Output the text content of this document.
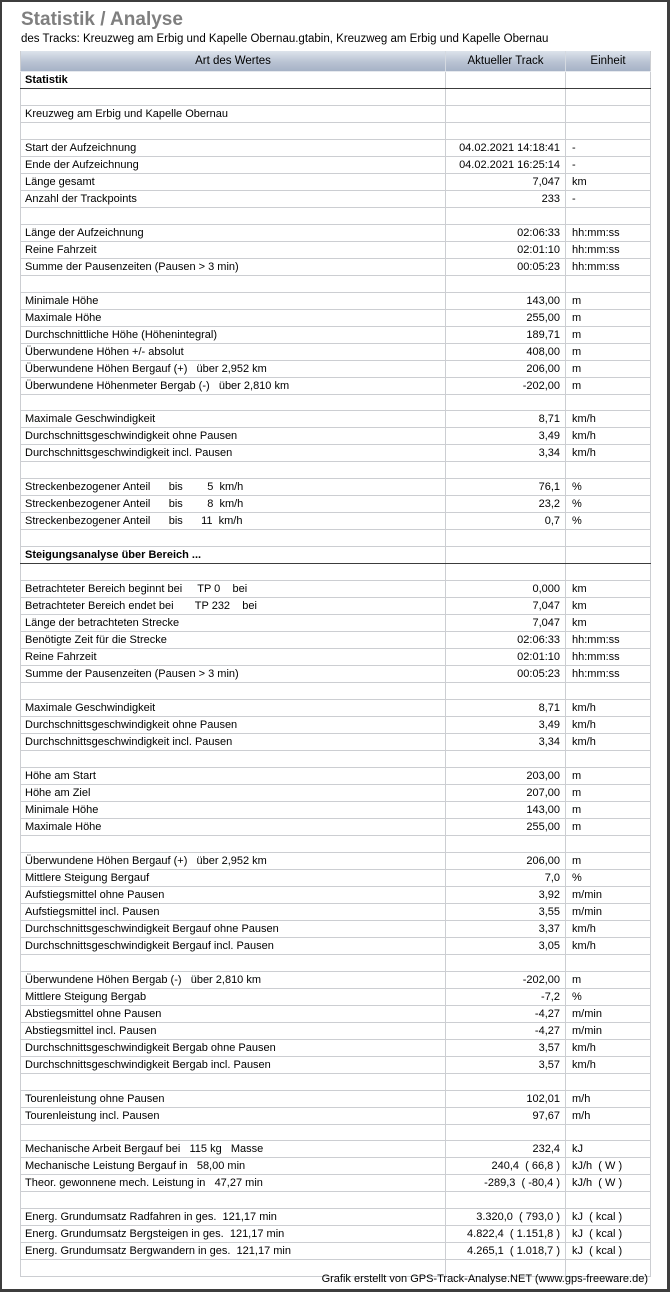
Statistik / Analyse
des Tracks: Kreuzweg am Erbig und Kapelle Obernau.gtabin, Kreuzweg am Erbig und Kapelle Obernau
Art des Wertes	Aktueller Track	Einheit
Statistik		

Kreuzweg am Erbig und Kapelle Obernau		

Start der Aufzeichnung	04.02.2021 14:18:41	-
Ende der Aufzeichnung	04.02.2021 16:25:14	-
Länge gesamt	7,047	km
Anzahl der Trackpoints	233	-

Länge der Aufzeichnung	02:06:33	hh:mm:ss
Reine Fahrzeit	02:01:10	hh:mm:ss
Summe der Pausenzeiten (Pausen > 3 min)	00:05:23	hh:mm:ss

Minimale Höhe	143,00	m
Maximale Höhe	255,00	m
Durchschnittliche Höhe (Höhenintegral)	189,71	m
Überwundene Höhen +/- absolut	408,00	m
Überwundene Höhen Bergauf (+)   über 2,952 km	206,00	m
Überwundene Höhenmeter Bergab (-)   über 2,810 km	-202,00	m

Maximale Geschwindigkeit	8,71	km/h
Durchschnittsgeschwindigkeit ohne Pausen	3,49	km/h
Durchschnittsgeschwindigkeit incl. Pausen	3,34	km/h

Streckenbezogener Anteil      bis        5  km/h	76,1	%
Streckenbezogener Anteil      bis        8  km/h	23,2	%
Streckenbezogener Anteil      bis      11  km/h	0,7	%

Steigungsanalyse über Bereich ...		

Betrachteter Bereich beginnt bei     TP 0    bei	0,000	km
Betrachteter Bereich endet bei       TP 232    bei	7,047	km
Länge der betrachteten Strecke	7,047	km
Benötigte Zeit für die Strecke	02:06:33	hh:mm:ss
Reine Fahrzeit	02:01:10	hh:mm:ss
Summe der Pausenzeiten (Pausen > 3 min)	00:05:23	hh:mm:ss

Maximale Geschwindigkeit	8,71	km/h
Durchschnittsgeschwindigkeit ohne Pausen	3,49	km/h
Durchschnittsgeschwindigkeit incl. Pausen	3,34	km/h

Höhe am Start	203,00	m
Höhe am Ziel	207,00	m
Minimale Höhe	143,00	m
Maximale Höhe	255,00	m

Überwundene Höhen Bergauf (+)   über 2,952 km	206,00	m
Mittlere Steigung Bergauf	7,0	%
Aufstiegsmittel ohne Pausen	3,92	m/min
Aufstiegsmittel incl. Pausen	3,55	m/min
Durchschnittsgeschwindigkeit Bergauf ohne Pausen	3,37	km/h
Durchschnittsgeschwindigkeit Bergauf incl. Pausen	3,05	km/h

Überwundene Höhen Bergab (-)   über 2,810 km	-202,00	m
Mittlere Steigung Bergab	-7,2	%
Abstiegsmittel ohne Pausen	-4,27	m/min
Abstiegsmittel incl. Pausen	-4,27	m/min
Durchschnittsgeschwindigkeit Bergab ohne Pausen	3,57	km/h
Durchschnittsgeschwindigkeit Bergab incl. Pausen	3,57	km/h

Tourenleistung ohne Pausen	102,01	m/h
Tourenleistung incl. Pausen	97,67	m/h

Mechanische Arbeit Bergauf bei   115 kg   Masse	232,4	kJ
Mechanische Leistung Bergauf in   58,00 min	240,4  ( 66,8 )	kJ/h  ( W )
Theor. gewonnene mech. Leistung in   47,27 min	-289,3  ( -80,4 )	kJ/h  ( W )

Energ. Grundumsatz Radfahren in ges.  121,17 min	3.320,0  ( 793,0 )	kJ  ( kcal )
Energ. Grundumsatz Bergsteigen in ges.  121,17 min	4.822,4  ( 1.151,8 )	kJ  ( kcal )
Energ. Grundumsatz Bergwandern in ges.  121,17 min	4.265,1  ( 1.018,7 )	kJ  ( kcal )

Grafik erstellt von GPS-Track-Analyse.NET (www.gps-freeware.de)
